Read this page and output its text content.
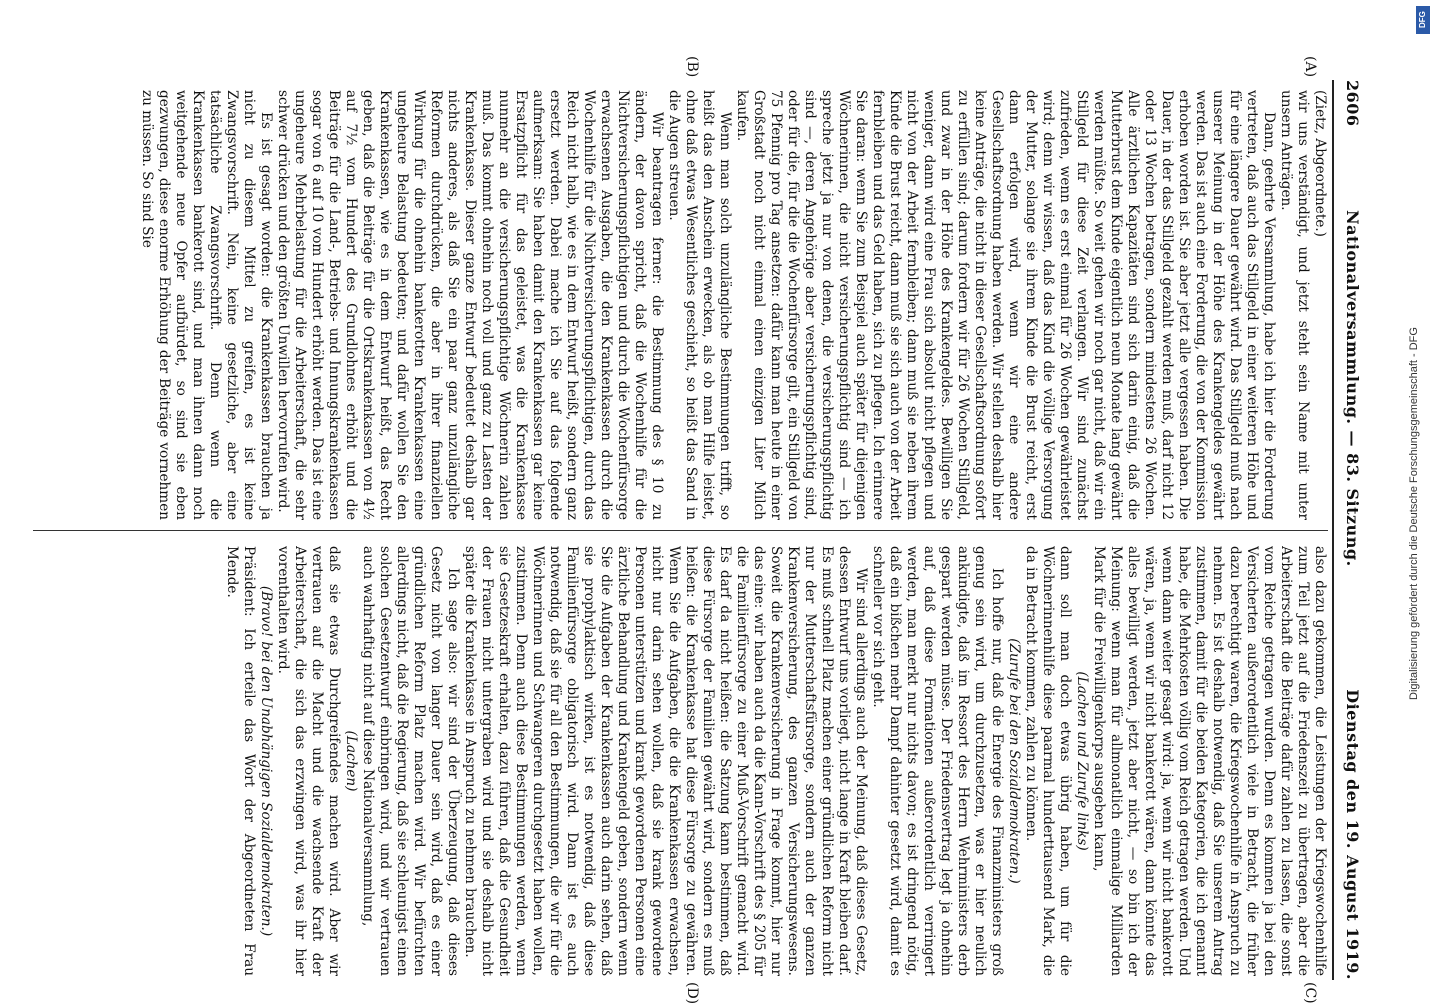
2606
Nationalversammlung. — 83. Sitzung.
Dienstag den 19. August 1919.
(A)
(B)
(C)
(D)

(Zietz, Abgeordnete.)

wir uns verständigt, und jetzt steht sein Name mit unter unsern Anträgen.

Dann, geehrte Versammlung, habe ich hier die Forderung vertreten, daß auch das Stillgeld in einer weiteren Höhe und für eine längere Dauer gewährt wird. Das Stillgeld muß nach unserer Meinung in der Höhe des Krankengeldes gewährt werden. Das ist auch eine Forderung, die von der Kommission erhoben worden ist. Sie aber jetzt alle vergessen haben. Die Dauer, in der das Stillgeld gezahlt werden muß, darf nicht 12 oder 13 Wochen betragen, sondern mindestens 26 Wochen. Alle ärztlichen Kapazitäten sind sich darin einig, daß die Mutterbrust dem Kinde eigentlich neun Monate lang gewährt werden müßte. So weit gehen wir noch gar nicht, daß wir ein Stillgeld für diese Zeit verlangen. Wir sind zunächst zufrieden, wenn es erst einmal für 26 Wochen gewährleistet wird; denn wir wissen, daß das Kind die völlige Versorgung der Mutter, solange sie ihrem Kinde die Brust reicht, erst dann erfolgen wird, wenn wir eine andere Gesellschaftsordnung haben werden. Wir stellen deshalb hier keine Anträge, die nicht in dieser Gesellschaftsordnung sofort zu erfüllen sind; darum fordern wir für 26 Wochen Stillgeld, und zwar in der Höhe des Krankengeldes. Bewilligen Sie weniger, dann wird eine Frau sich absolut nicht pflegen und nicht von der Arbeit fernbleiben; dann muß sie neben ihrem Kinde die Brust reicht, dann muß sie sich auch von der Arbeit fernbleiben und das Geld haben, sich zu pflegen. Ich erinnere Sie daran: wenn Sie zum Beispiel auch später für diejenigen Wöchnerinnen, die nicht versicherungspflichtig sind — ich spreche jetzt ja nur von denen, die versicherungspflichtig sind —, deren Angehörige aber versicherungspflichtig sind, oder für die, für die die Wochenfürsorge gilt, ein Stillgeld von 75 Pfennig pro Tag ansetzen: dafür kann man heute in einer Großstadt noch nicht einmal einen einzigen Liter Milch kaufen.

Wenn man solch unzulängliche Bestimmungen trifft, so heißt das den Anschein erwecken, als ob man Hilfe leistet, ohne daß etwas Wesentliches geschieht, so heißt das Sand in die Augen streuen.

Wir beantragen ferner: die Bestimmung des § 10 zu ändern, der davon spricht, daß die Wochenhilfe für die Nichtversicherungspflichtigen und durch die Wochenfürsorge erwachsenen Ausgaben, die den Krankenkassen durch die Wochenhilfe für die Nichtversicherungspflichtigen, durch das Reich nicht halb, wie es in dem Entwurf heißt, sondern ganz ersetzt werden. Dabei mache ich Sie auf das folgende aufmerksam: Sie haben damit den Krankenkassen gar keine Ersatzpflicht für das geleistet, was die Krankenkasse nunmehr an die versicherungspflichtige Wöchnerin zahlen muß. Das kommt ohnehin noch voll und ganz zu Lasten der Krankenkasse. Dieser ganze Entwurf bedeutet deshalb gar nichts anderes, als daß Sie ein paar ganz unzulängliche Reformen durchdrücken, die aber in ihrer finanziellen Wirkung für die ohnehin bankerotten Krankenkassen eine ungeheure Belastung bedeuten; und dafür wollen Sie den Krankenkassen, wie es in dem Entwurf heißt, das Recht geben, daß die Beiträge für die Ortskrankenkassen von 4½ auf 7½ vom Hundert des Grundlohnes erhöht und die Beiträge für die Land-, Betriebs- und Innungskrankenkassen sogar von 6 auf 10 vom Hundert erhöht werden. Das ist eine ungeheure Mehrbelastung für die Arbeiterschaft, die sehr schwer drücken und den größten Unwillen hervorrufen wird.

Es ist gesagt worden: die Krankenkassen brauchen ja nicht zu diesem Mittel zu greifen, es ist keine Zwangsvorschrift. Nein, keine gesetzliche, aber eine tatsächliche Zwangsvorschrift. Denn wenn die Krankenkassen bankerott sind, und man ihnen dann noch weitgehende neue Opfer aufbürdet, so sind sie eben gezwungen, diese enorme Erhöhung der Beiträge vornehmen zu müssen. So sind Sie

also dazu gekommen, die Leistungen der Kriegswochenhilfe zum Teil jetzt auf die Friedenszeit zu übertragen, aber die Arbeiterschaft die Beiträge dafür zahlen zu lassen, die sonst vom Reiche getragen wurden. Denn es kommen ja bei den Versicherten außerordentlich viele in Betracht, die früher dazu berechtigt waren, die Kriegswochenhilfe in Anspruch zu nehmen. Es ist deshalb notwendig, daß Sie unserem Antrag zustimmen, damit für die beiden Kategorien, die ich genannt habe, die Mehrkosten völlig vom Reich getragen werden. Und wenn dann weiter gesagt wird: ja, wenn wir nicht bankerott wären, ja, wenn wir nicht bankerott wären, dann könnte das alles bewilligt werden, jetzt aber nicht, — so bin ich der Meinung: wenn man für allmonatlich einmalige Milliarden Mark für die Freiwilligenkorps ausgeben kann,

(Lachen und Zurufe links)

dann soll man doch etwas übrig haben, um für die Wöchnerinnenhilfe diese paarmal hunderttausend Mark, die da in Betracht kommen, zahlen zu können.

(Zurufe bei den Sozialdemokraten.)

Ich hoffe nur, daß die Energie des Finanzministers groß genug sein wird, um durchzusetzen, was er hier neulich ankündigte, daß im Ressort des Herrn Wehrministers derb gespart werden müsse. Der Friedensvertrag legt ja ohnehin auf, daß diese Formationen außerordentlich verringert werden, man merkt nur nichts davon; es ist dringend nötig, daß ein bißchen mehr Dampf dahinter gesetzt wird, damit es schneller vor sich geht.

Wir sind allerdings auch der Meinung, daß dieses Gesetz, dessen Entwurf uns vorliegt, nicht lange in Kraft bleiben darf. Es muß schnell Platz machen einer gründlichen Reform nicht nur der Mutterschaftsfürsorge, sondern auch der ganzen Krankenversicherung, des ganzen Versicherungswesens. Soweit die Krankenversicherung in Frage kommt, hier nur das eine: wir haben auch da die Kann-Vorschrift des § 205 für die Familienfürsorge zu einer Muß-Vorschrift gemacht wird. Es darf da nicht heißen: die Satzung kann bestimmen, daß diese Fürsorge der Familien gewährt wird, sondern es muß heißen: die Krankenkasse hat diese Fürsorge zu gewähren. Wenn Sie die Aufgaben, die die Krankenkassen erwachsen, nicht nur darin sehen wollen, daß sie krank gewordene Personen unterstützen und krank gewordenen Personen eine ärztliche Behandlung und Krankengeld geben, sondern wenn Sie die Aufgaben der Krankenkassen auch darin sehen, daß sie prophylaktisch wirken, ist es notwendig, daß diese Familienfürsorge obligatorisch wird. Dann ist es auch notwendig, daß sie für all den Bestimmungen, die wir für die Wöchnerinnen und Schwangeren durchgesetzt haben wollen, zustimmen. Denn auch diese Bestimmungen werden, wenn sie Gesetzeskraft erhalten, dazu führen, daß die Gesundheit der Frauen nicht untergraben wird und sie deshalb nicht später die Krankenkasse in Anspruch zu nehmen brauchen.

Ich sage also: wir sind der Überzeugung, daß dieses Gesetz nicht von langer Dauer sein wird, daß es einer gründlichen Reform Platz machen wird. Wir befürchten allerdings nicht, daß die Regierung, daß sie schleunigst einen solchen Gesetzentwurf einbringen wird, und wir vertrauen auch wahrhaftig nicht auf diese Nationalversammlung,

(Lachen)

daß sie etwas Durchgreifendes machen wird. Aber wir vertrauen auf die Macht und die wachsende Kraft der Arbeiterschaft, die sich das erzwingen wird, was ihr hier vorenthalten wird.

(Bravo! bei den Unabhängigen Sozialdemokraten.)

Präsident: Ich erteile das Wort der Abgeordneten Frau Mende.

DFG
Digitalisierung gefördert durch die Deutsche Forschungsgemeinschaft - DFG
